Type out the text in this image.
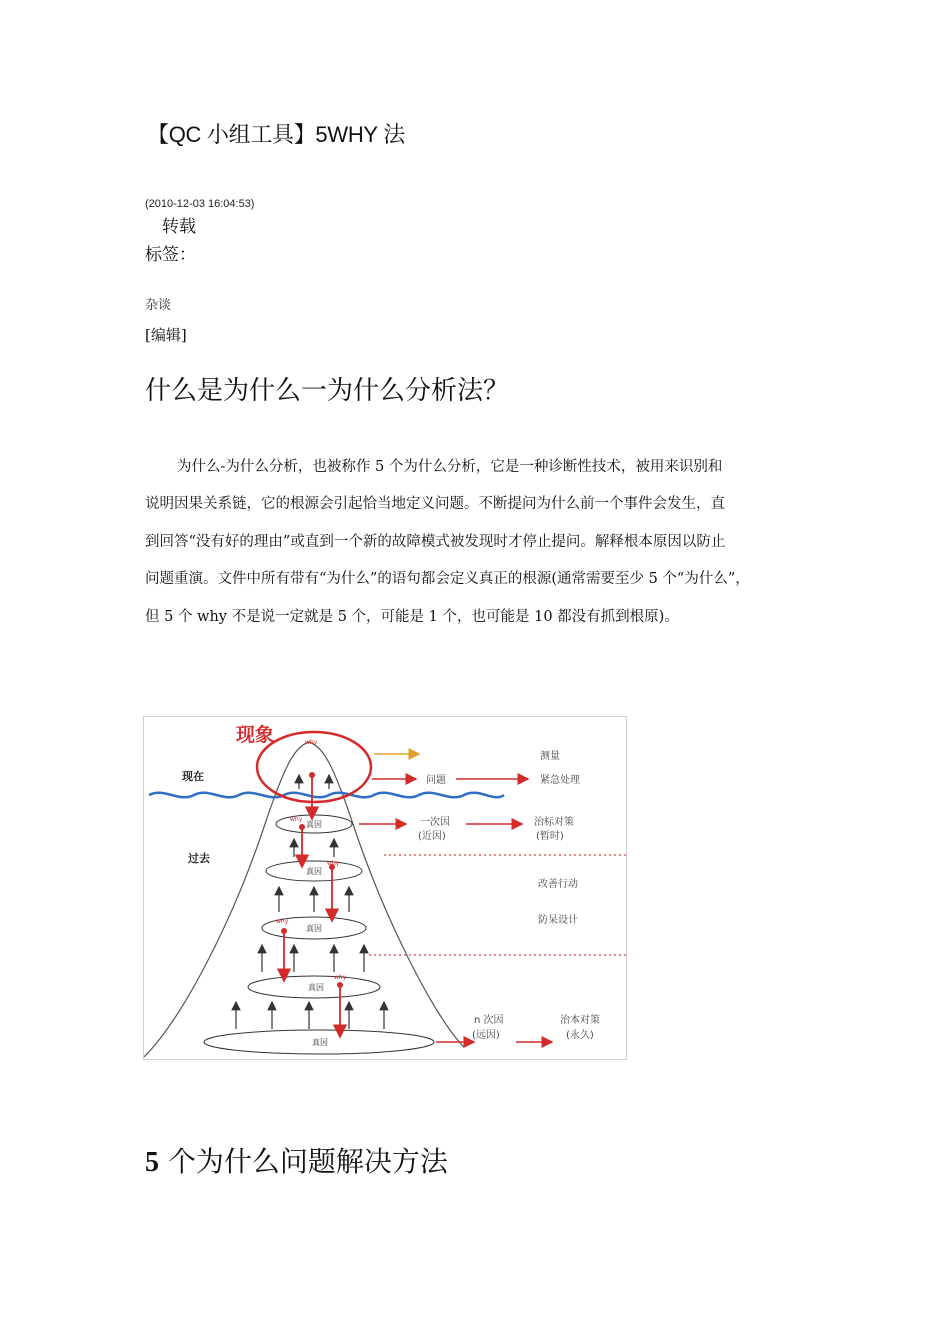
【QC 小组工具】5WHY 法
(2010-12-03 16:04:53)
转载
标签：
杂谈
[编辑]
什么是为什么一为什么分析法？
为什么-为什么分析，也被称作 5 个为什么分析，它是一种诊断性技术，被用来识别和
说明因果关系链，它的根源会引起恰当地定义问题。不断提问为什么前一个事件会发生，直
到回答“没有好的理由”或直到一个新的故障模式被发现时才停止提问。解释根本原因以防止
问题重演。文件中所有带有“为什么”的语句都会定义真正的根源(通常需要至少 5 个“为什么”，
但 5 个 why 不是说一定就是 5 个，可能是 1 个，也可能是 10 都没有抓到根原)。
现象
现在
过去
why
why
why
why
why
真因
真因
真因
真因
真因
测量
问题	紧急处理
一次因
(近因)
治标对策
(暂时)
改善行动
防呆设计
n 次因
(远因)
治本对策
(永久)
5 个为什么问题解决方法
